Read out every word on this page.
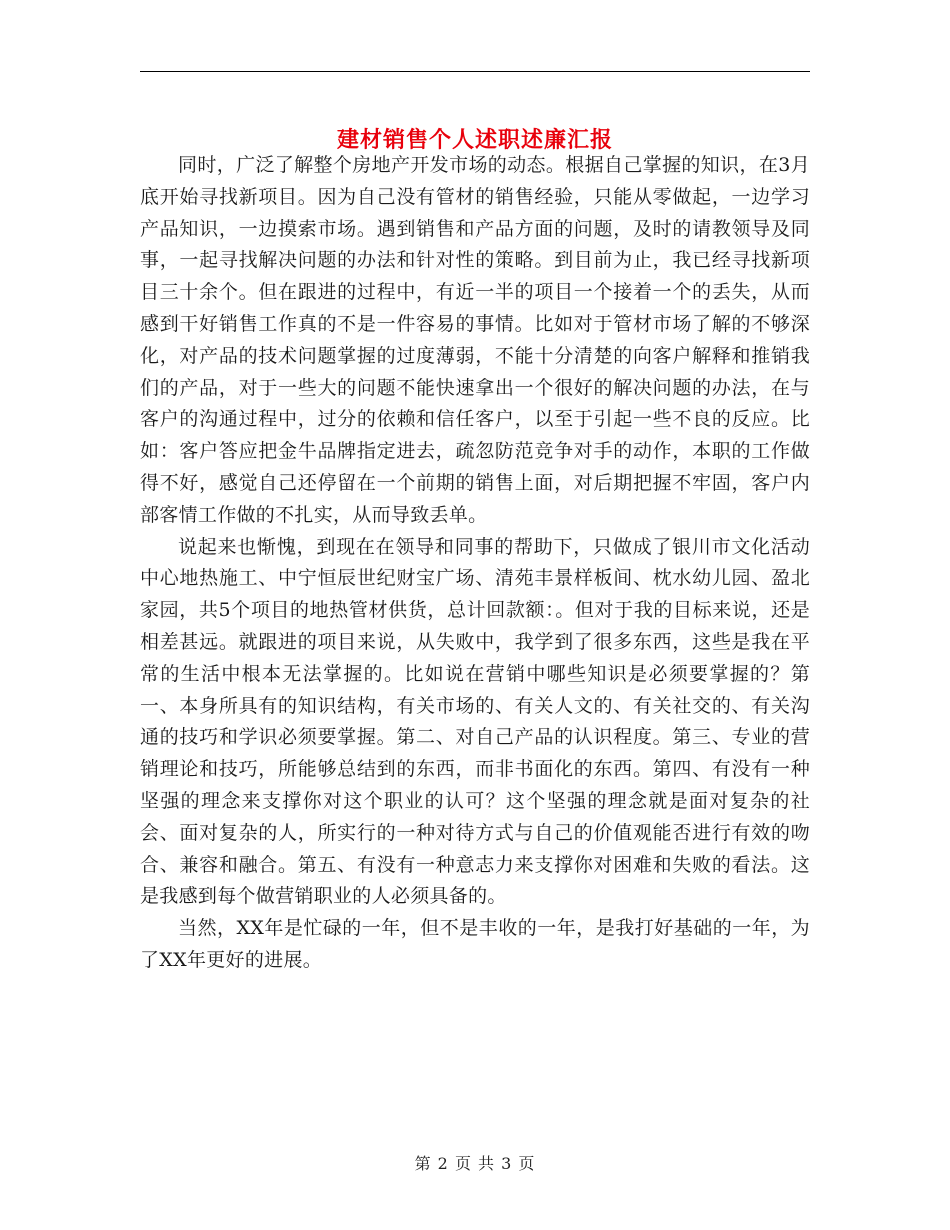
建材销售个人述职述廉汇报

同时，广泛了解整个房地产开发市场的动态。根据自己掌握的知识，在3月底开始寻找新项目。因为自己没有管材的销售经验，只能从零做起，一边学习产品知识，一边摸索市场。遇到销售和产品方面的问题，及时的请教领导及同事，一起寻找解决问题的办法和针对性的策略。到目前为止，我已经寻找新项目三十余个。但在跟进的过程中，有近一半的项目一个接着一个的丢失，从而感到干好销售工作真的不是一件容易的事情。比如对于管材市场了解的不够深化，对产品的技术问题掌握的过度薄弱，不能十分清楚的向客户解释和推销我们的产品，对于一些大的问题不能快速拿出一个很好的解决问题的办法，在与客户的沟通过程中，过分的依赖和信任客户，以至于引起一些不良的反应。比如：客户答应把金牛品牌指定进去，疏忽防范竞争对手的动作，本职的工作做得不好，感觉自己还停留在一个前期的销售上面，对后期把握不牢固，客户内部客情工作做的不扎实，从而导致丢单。

说起来也惭愧，到现在在领导和同事的帮助下，只做成了银川市文化活动中心地热施工、中宁恒辰世纪财宝广场、清苑丰景样板间、枕水幼儿园、盈北家园，共5个项目的地热管材供货，总计回款额：。但对于我的目标来说，还是相差甚远。就跟进的项目来说，从失败中，我学到了很多东西，这些是我在平常的生活中根本无法掌握的。比如说在营销中哪些知识是必须要掌握的？第一、本身所具有的知识结构，有关市场的、有关人文的、有关社交的、有关沟通的技巧和学识必须要掌握。第二、对自己产品的认识程度。第三、专业的营销理论和技巧，所能够总结到的东西，而非书面化的东西。第四、有没有一种坚强的理念来支撑你对这个职业的认可？这个坚强的理念就是面对复杂的社会、面对复杂的人，所实行的一种对待方式与自己的价值观能否进行有效的吻合、兼容和融合。第五、有没有一种意志力来支撑你对困难和失败的看法。这是我感到每个做营销职业的人必须具备的。

当然，XX年是忙碌的一年，但不是丰收的一年，是我打好基础的一年，为了XX年更好的进展。

第 2 页 共 3 页
